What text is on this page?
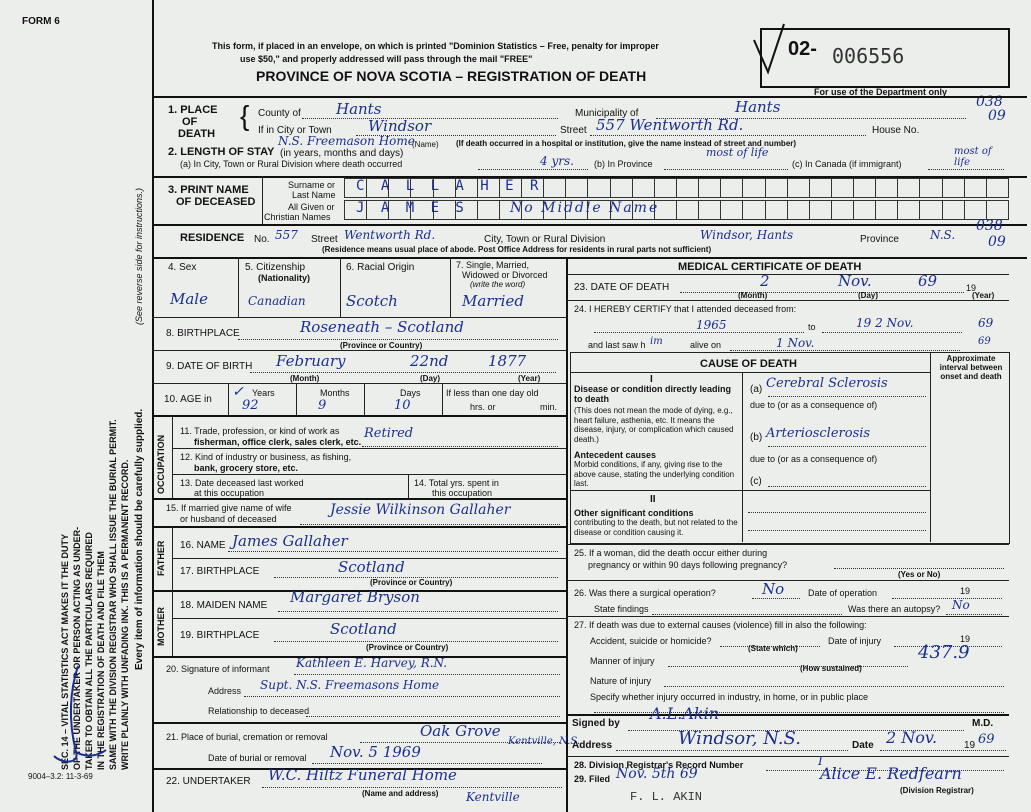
FORM 6
SEC. 14 – VITAL STATISTICS ACT MAKES IT THE DUTY OF THE UNDERTAKER OR PERSON ACTING AS UNDER- TAKER TO OBTAIN ALL THE PARTICULARS REQUIRED IN THE REGISTRATION OF DEATH AND FILE THEM SAME WITH THE DIVISION REGISTRAR WHO SHALL ISSUE THE BURIAL PERMIT. WRITE PLAINLY WITH UNFADING INK. THIS IS A PERMANENT RECORD. Every item of information should be carefully supplied.
(See reverse side for instructions.)
9004–3.2: 11-3-69
This form, if placed in an envelope, on which is printed "Dominion Statistics – Free, penalty for improper
use $50," and properly addressed will pass through the mail "FREE"
PROVINCE OF NOVA SCOTIA – REGISTRATION OF DEATH
02- 006556
For use of the Department only
038
09
1. PLACE
OF
DEATH
{ County of Hants	Municipality of	Hants
If in City or Town Windsor	Street 557 Wentworth Rd.	House No.
(If death occurred in a hospital or institution, give the name instead of street and number)
N.S. Freemason Home
2. LENGTH OF STAY (in years, months and days)
(Name)
(a) In City, Town or Rural Division where death occurred	4 yrs. (b) In Province
most of life
(c) In Canada (if immigrant)
most of life
3. PRINT NAME
OF DECEASED
Surname or
Last Name
All Given or
Christian Names
C A L L A H E R
J A M E S	No Middle Name
RESIDENCE No. 557 Street Wentworth Rd.	City, Town or Rural Division	Windsor, Hants	Province	N.S.
(Residence means usual place of abode. Post Office Address for residents in rural parts not sufficient)
038
09
4. Sex
Male
5. Citizenship
(Nationality)
Canadian
6. Racial Origin
Scotch
7. Single, Married,
Widowed or Divorced
(write the word)
Married
8. BIRTHPLACE	Roseneath – Scotland
(Province or Country)
9. DATE OF BIRTH February	22nd	1877
(Month)	(Day)	(Year)
10. AGE in
Years	Months	Days
✓
92	9	10
If less than one day old
hrs. or	min.
OCCUPATION
11. Trade, profession, or kind of work as
fisherman, office clerk, sales clerk, etc.
Retired
12. Kind of industry or business, as fishing,
bank, grocery store, etc.
13. Date deceased last worked
at this occupation
14. Total yrs. spent in
this occupation
15. If married give name of wife
or husband of deceased
Jessie Wilkinson Gallaher
FATHER 16. NAME James Gallaher
17. BIRTHPLACE	Scotland
(Province or Country)
MOTHER
18. MAIDEN NAME Margaret Bryson
19. BIRTHPLACE	Scotland
(Province or Country)
20. Signature of informant Kathleen E. Harvey, R.N.
Address Supt. N.S. Freemasons Home
Relationship to deceased
21. Place of burial, cremation or removal	Oak Grove
Date of burial or removal Nov. 5 1969
Kentville, N.S.
22. UNDERTAKER W.C. Hiltz Funeral Home
(Name and address) Kentville	F. L. AKIN
MEDICAL CERTIFICATE OF DEATH
23. DATE OF DEATH	2	Nov.	69	19
(Month)	(Day)	(Year)
24. I HEREBY CERTIFY that I attended deceased from:
1965	to	19 2 Nov.	69
and last saw h im	alive on	1 Nov.	69
CAUSE OF DEATH	Approximate interval between onset and death
I
Disease or condition directly leading to death
(This does not mean the mode of dying, e.g., heart failure, asthenia, etc. It means the disease, injury, or complication which caused death.)
(a) Cerebral Sclerosis
due to (or as a consequence of)
(b) Arteriosclerosis
Antecedent causes
Morbid conditions, if any, giving rise to the above cause, stating the underlying condition last.
due to (or as a consequence of)
(c)
II
Other significant conditions
contributing to the death, but not related to the disease or condition causing it.
25. If a woman, did the death occur either during
pregnancy or within 90 days following pregnancy?
(Yes or No)
26. Was there a surgical operation?	No	Date of operation	19
State findings	Was there an autopsy? No
27. If death was due to external causes (violence) fill in also the following:
Accident, suicide or homicide?	Date of injury	19
(State which)	437.9
Manner of injury
(How sustained)
Nature of injury
Specify whether injury occurred in industry, in home, or in public place
Signed by
A.L.Akin
M.D.
Address	Windsor, N.S.	Date 2 Nov.	19 69
28. Division Registrar's Record Number	I
29. Filed Nov. 5th 69	Alice E. Redfearn
(Division Registrar)
